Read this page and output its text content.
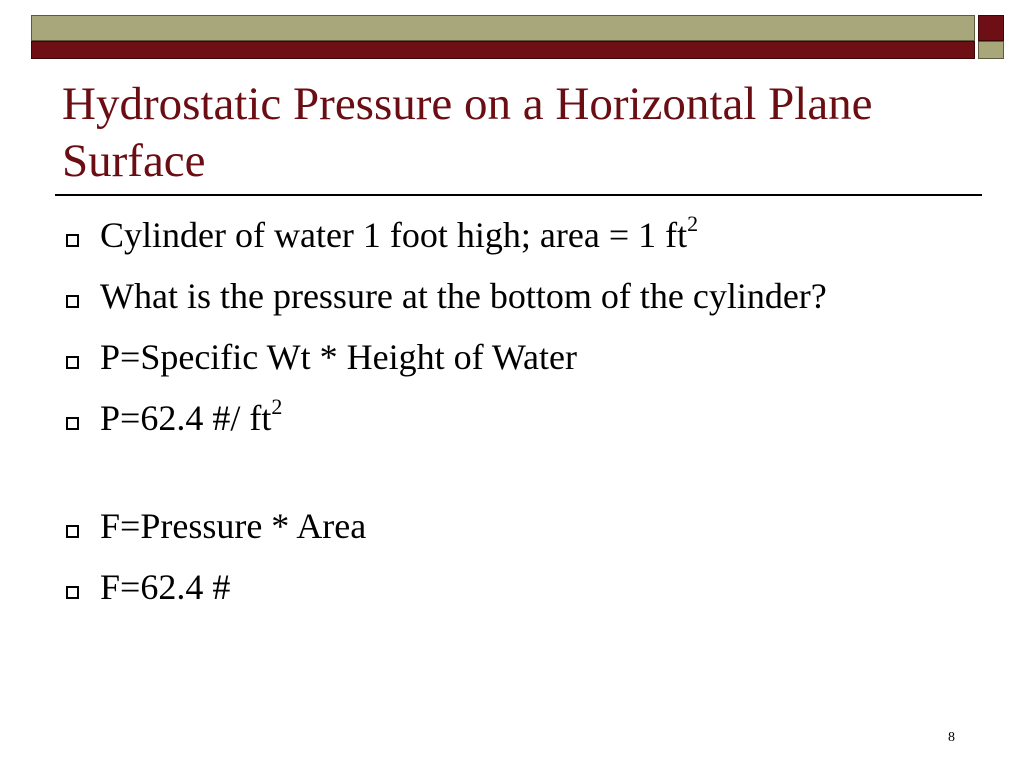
Hydrostatic Pressure on a Horizontal Plane Surface
Cylinder of water 1 foot high; area = 1 $ft^2$
What is the pressure at the bottom of the cylinder?
P=Specific Wt * Height of Water
P=62.4 #/ $ft^2$
F=Pressure * Area
F=62.4 #
8
